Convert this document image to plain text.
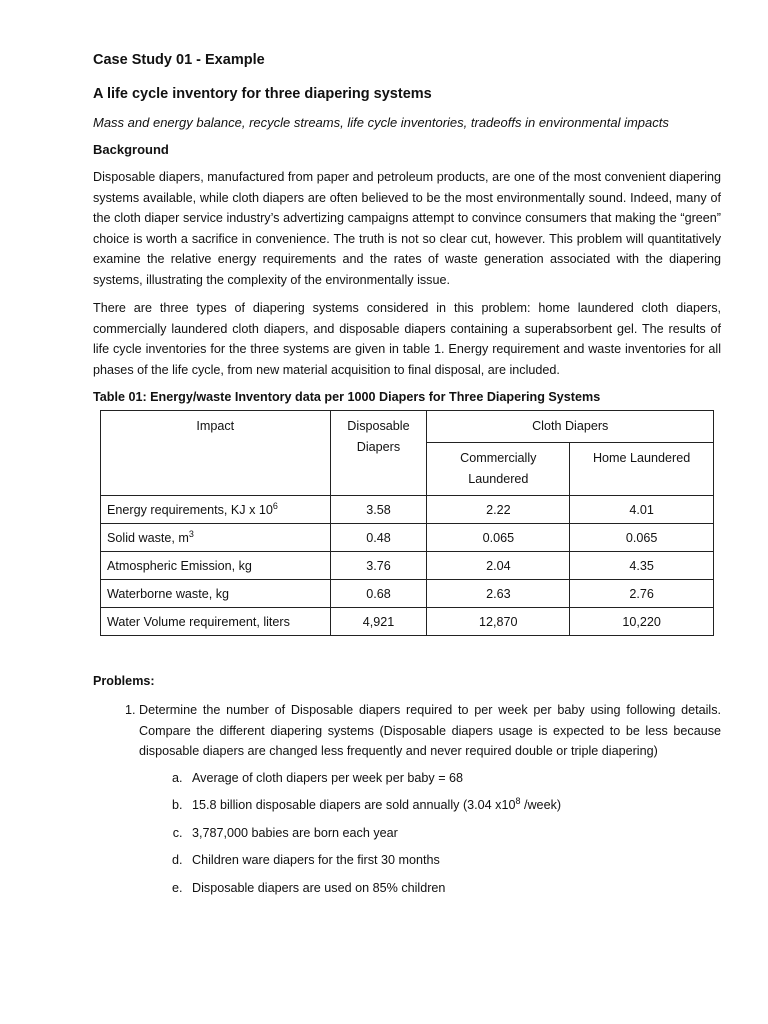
Case Study 01 - Example
A life cycle inventory for three diapering systems
Mass and energy balance, recycle streams, life cycle inventories, tradeoffs in environmental impacts
Background

Disposable diapers, manufactured from paper and petroleum products, are one of the most convenient diapering systems available, while cloth diapers are often believed to be the most environmentally sound. Indeed, many of the cloth diaper service industry’s advertizing campaigns attempt to convince consumers that making the “green” choice is worth a sacrifice in convenience. The truth is not so clear cut, however. This problem will quantitatively examine the relative energy requirements and the rates of waste generation associated with the diapering systems, illustrating the complexity of the environmentally issue.

There are three types of diapering systems considered in this problem: home laundered cloth diapers, commercially laundered cloth diapers, and disposable diapers containing a superabsorbent gel. The results of life cycle inventories for the three systems are given in table 1. Energy requirement and waste inventories for all phases of the life cycle, from new material acquisition to final disposal, are included.

Table 01: Energy/waste Inventory data per 1000 Diapers for Three Diapering Systems
Impact	Disposable Diapers	Cloth Diapers	
		Commercially Laundered	Home Laundered
Energy requirements, KJ x $10^6$	3.58	2.22	4.01
Solid waste, $m^3$	0.48	0.065	0.065
Atmospheric Emission, kg	3.76	2.04	4.35
Waterborne waste, kg	0.68	2.63	2.76
Water Volume requirement, liters	4,921	12,870	10,220
Problems:
1. Determine the number of Disposable diapers required to per week per baby using following details. Compare the different diapering systems (Disposable diapers usage is expected to be less because disposable diapers are changed less frequently and never required double or triple diapering)
a. Average of cloth diapers per week per baby = 68
b. 15.8 billion disposable diapers are sold annually (3.04 $x10^8$ /week)
c. 3,787,000 babies are born each year
d. Children ware diapers for the first 30 months
e. Disposable diapers are used on 85% children
